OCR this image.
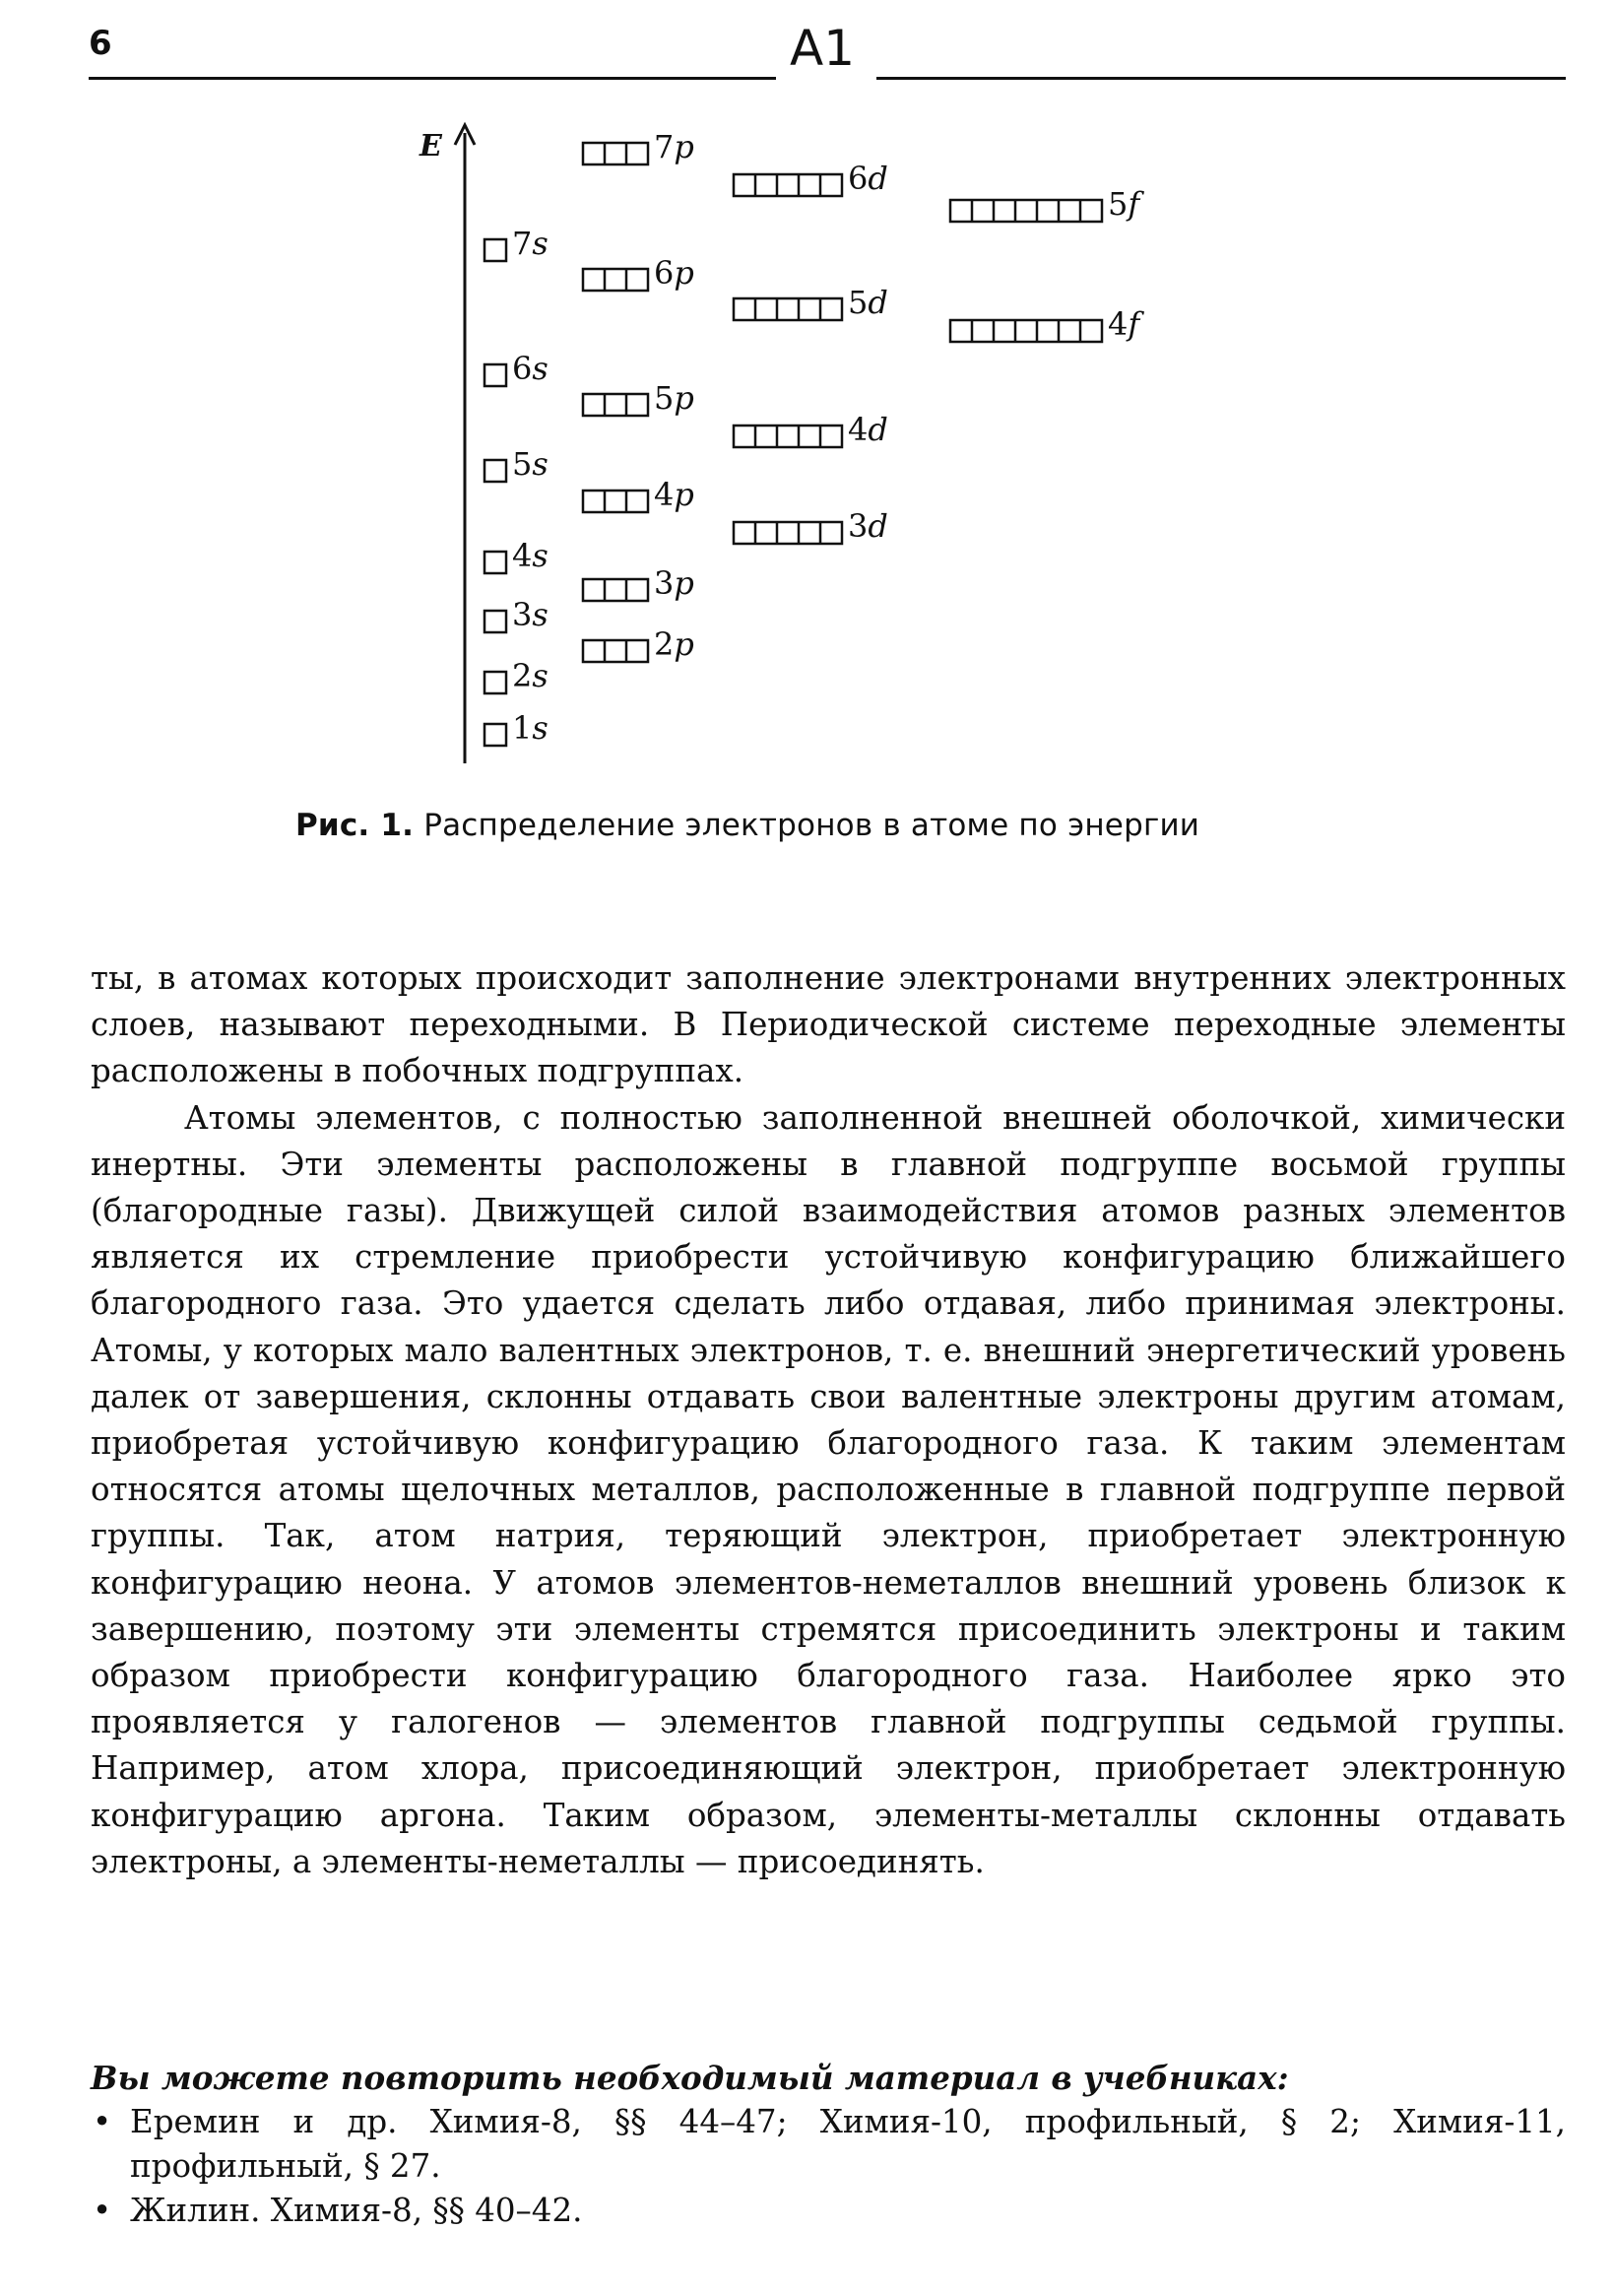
6	А1
E
1s
2s
2p
3s
3p
4s
3d
4p
5s
4d
5p
6s
4f
5d
6p
7s
5f
6d
7p
Рис. 1. Распределение электронов в атоме по энергии

ты, в атомах которых происходит заполнение электронами внутренних электронных слоев, называют переходными. В Периодической системе переходные элементы расположены в побочных подгруппах.

Атомы элементов, с полностью заполненной внешней оболочкой, химически инертны. Эти элементы расположены в главной подгруппе восьмой группы (благородные газы). Движущей силой взаимодействия атомов разных элементов является их стремление приобрести устойчивую конфигурацию ближайшего благородного газа. Это удается сделать либо отдавая, либо принимая электроны. Атомы, у которых мало валентных электронов, т. е. внешний энергетический уровень далек от завершения, склонны отдавать свои валентные электроны другим атомам, приобретая устойчивую конфигурацию благородного газа. К таким элементам относятся атомы щелочных металлов, расположенные в главной подгруппе первой группы. Так, атом натрия, теряющий электрон, приобретает электронную конфигурацию неона. У атомов элементов-неметаллов внешний уровень близок к завершению, поэтому эти элементы стремятся присоединить электроны и таким образом приобрести конфигурацию благородного газа. Наиболее ярко это проявляется у галогенов — элементов главной подгруппы седьмой группы. Например, атом хлора, присоединяющий электрон, приобретает электронную конфигурацию аргона. Таким образом, элементы-металлы склонны отдавать электроны, а элементы-неметаллы — присоединять.

Вы можете повторить необходимый материал в учебниках:
• Еремин и др. Химия-8, §§ 44–47; Химия-10, профильный, § 2; Химия-11, профильный, § 27.
• Жилин. Химия-8, §§ 40–42.
